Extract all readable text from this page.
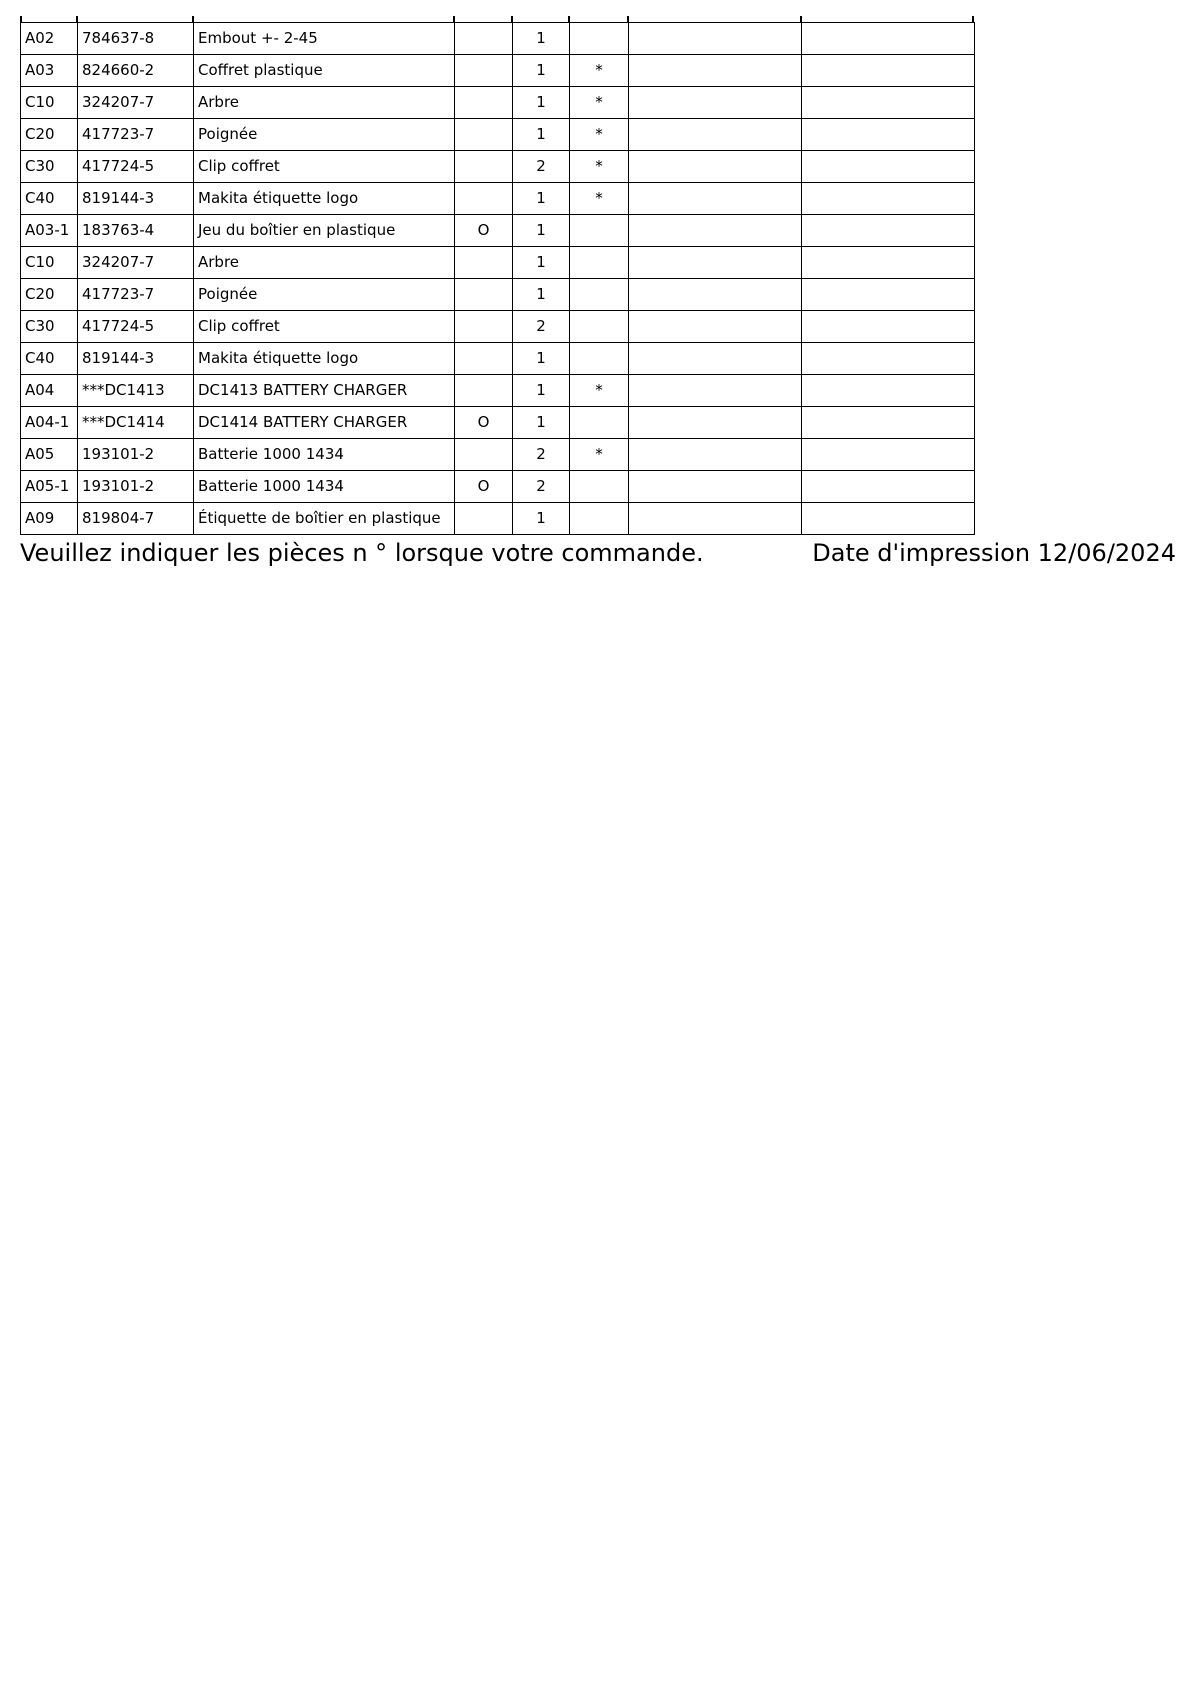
A02	784637-8	Embout +- 2-45		1			
A03	824660-2	Coffret plastique		1	*		
C10	324207-7	Arbre		1	*		
C20	417723-7	Poignée		1	*		
C30	417724-5	Clip coffret		2	*		
C40	819144-3	Makita étiquette logo		1	*		
A03-1	183763-4	Jeu du boîtier en plastique	O	1			
C10	324207-7	Arbre		1			
C20	417723-7	Poignée		1			
C30	417724-5	Clip coffret		2			
C40	819144-3	Makita étiquette logo		1			
A04	***DC1413	DC1413 BATTERY CHARGER		1	*		
A04-1	***DC1414	DC1414 BATTERY CHARGER	O	1			
A05	193101-2	Batterie 1000 1434		2	*		
A05-1	193101-2	Batterie 1000 1434	O	2			
A09	819804-7	Étiquette de boîtier en plastique		1			
Veuillez indiquer les pièces n ° lorsque votre commande.	Date d'impression 12/06/2024
